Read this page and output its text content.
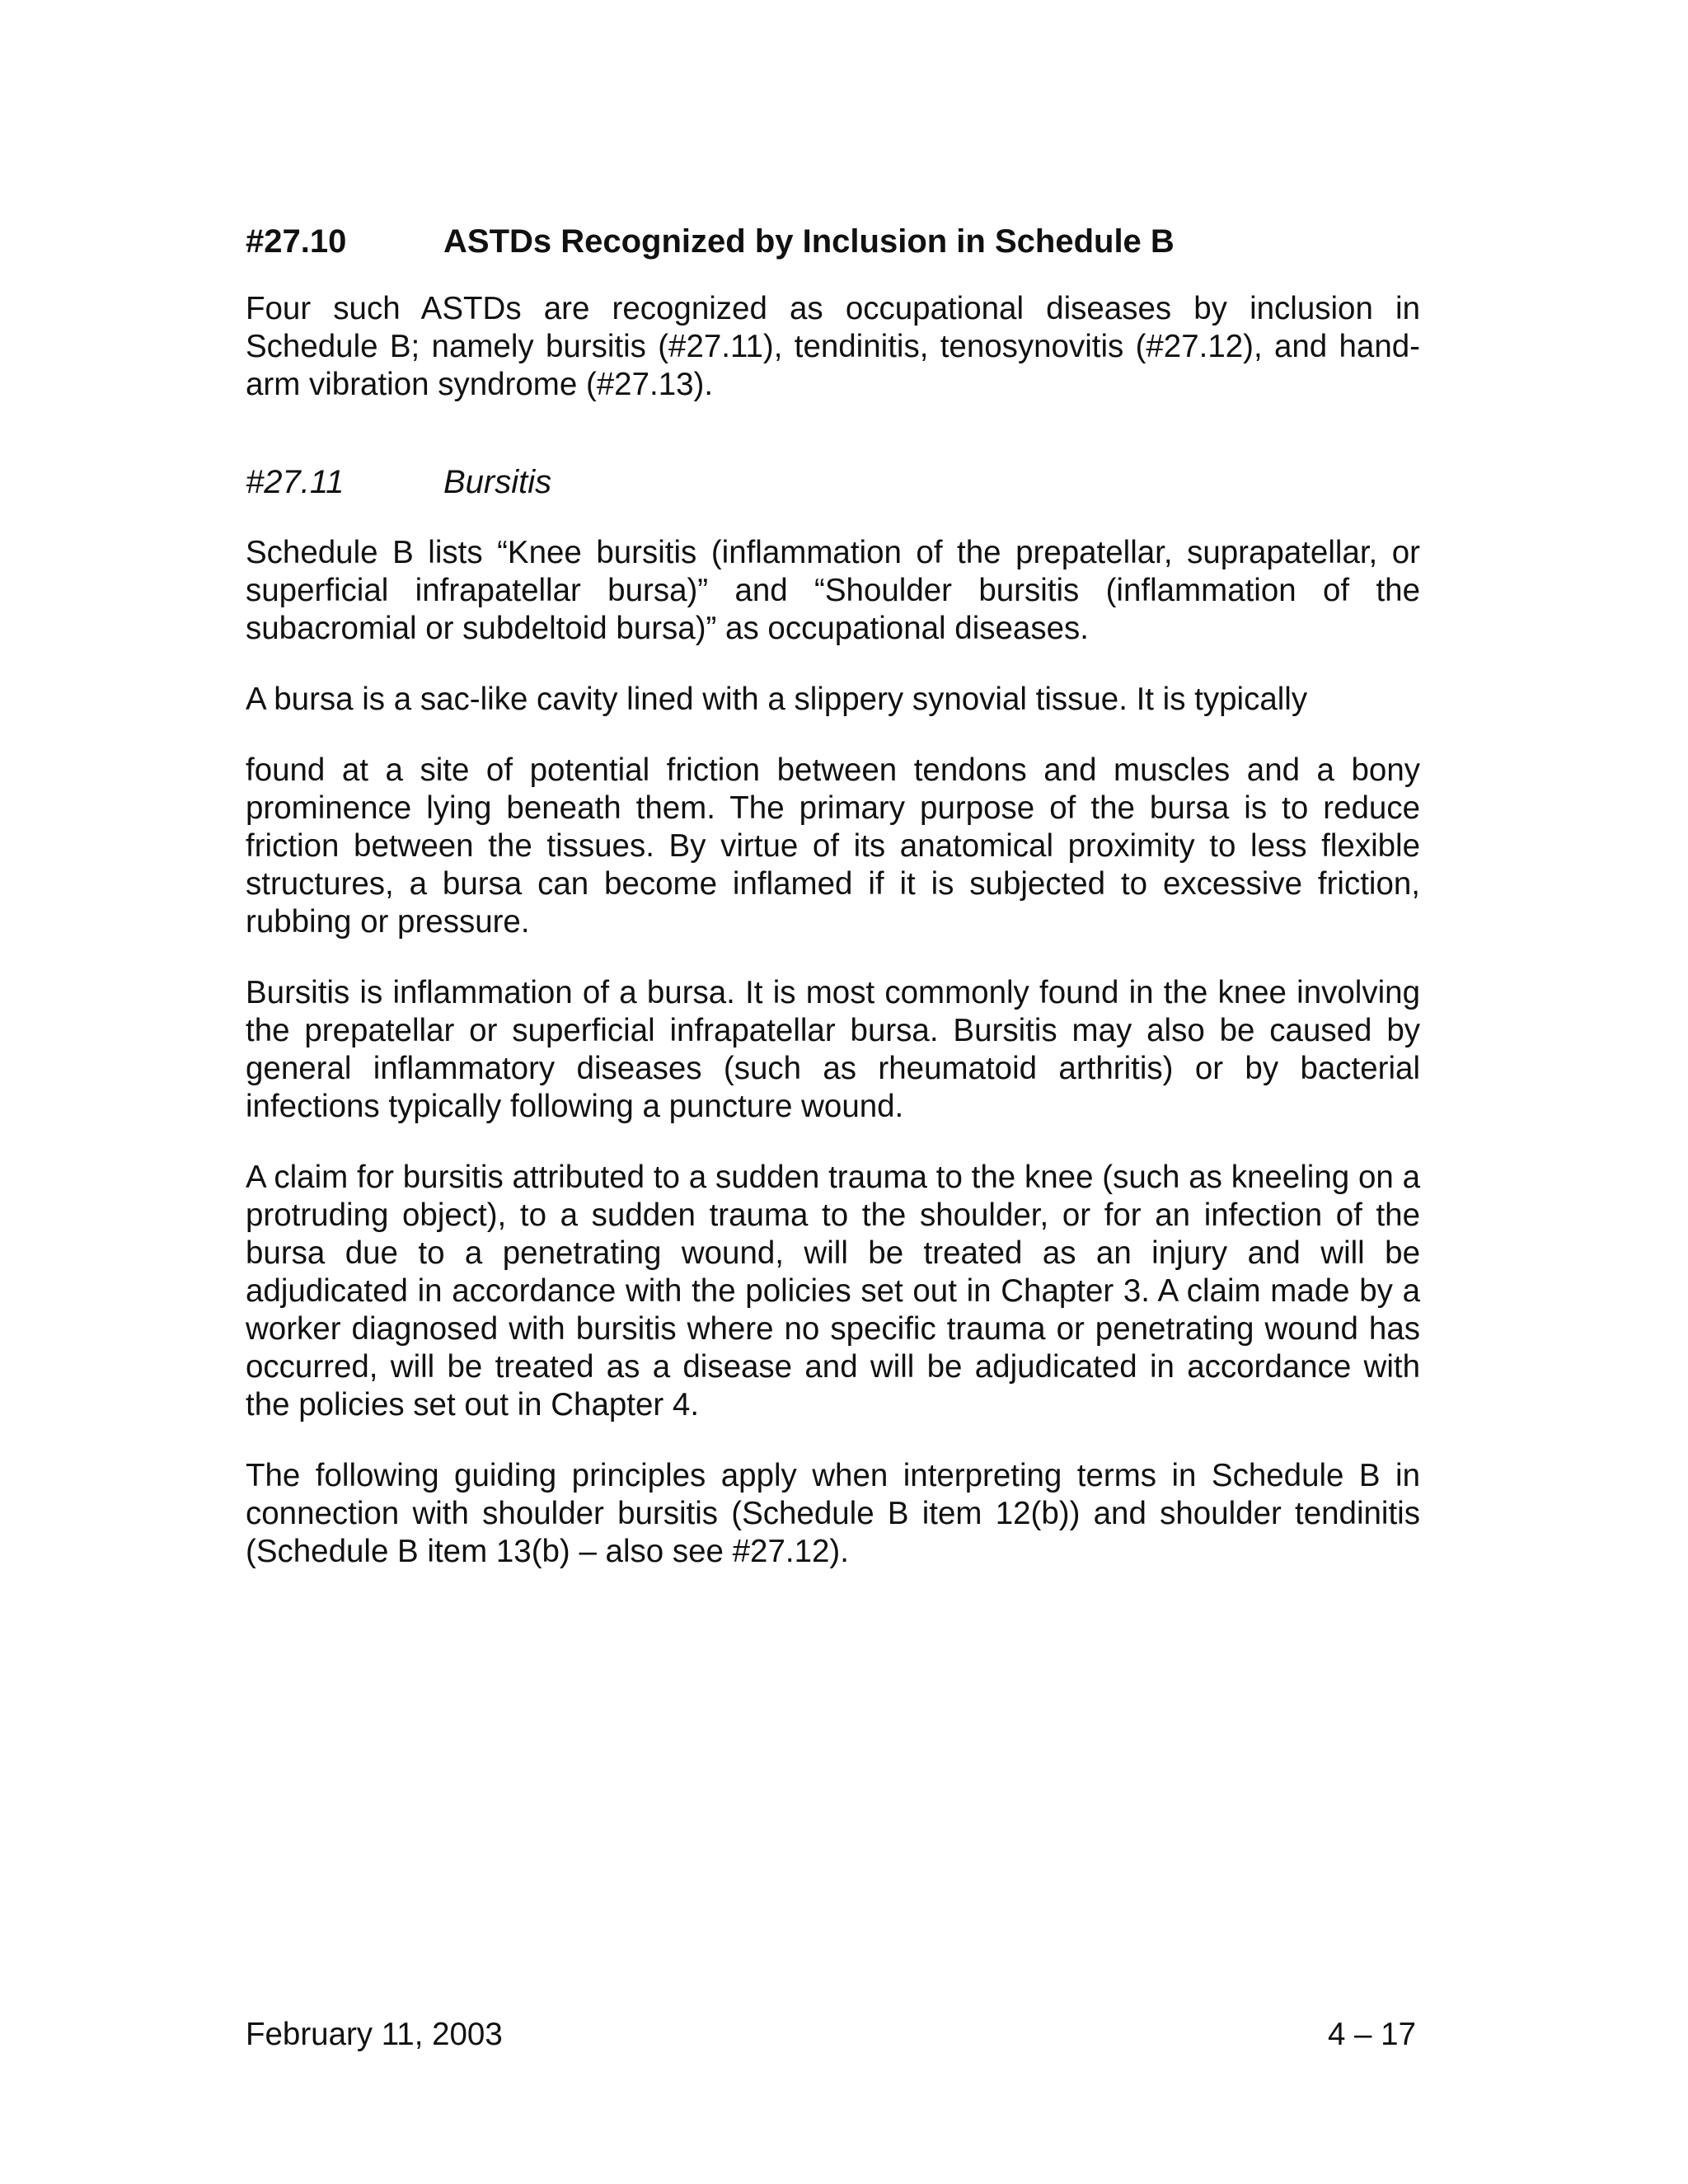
#27.10	ASTDs Recognized by Inclusion in Schedule B

Four such ASTDs are recognized as occupational diseases by inclusion in Schedule B; namely bursitis (#27.11), tendinitis, tenosynovitis (#27.12), and hand-arm vibration syndrome (#27.13).

#27.11	Bursitis

Schedule B lists “Knee bursitis (inflammation of the prepatellar, suprapatellar, or superficial infrapatellar bursa)” and “Shoulder bursitis (inflammation of the subacromial or subdeltoid bursa)” as occupational diseases.

A bursa is a sac-like cavity lined with a slippery synovial tissue. It is typically

found at a site of potential friction between tendons and muscles and a bony prominence lying beneath them. The primary purpose of the bursa is to reduce friction between the tissues. By virtue of its anatomical proximity to less flexible structures, a bursa can become inflamed if it is subjected to excessive friction, rubbing or pressure.

Bursitis is inflammation of a bursa. It is most commonly found in the knee involving the prepatellar or superficial infrapatellar bursa. Bursitis may also be caused by general inflammatory diseases (such as rheumatoid arthritis) or by bacterial infections typically following a puncture wound.

A claim for bursitis attributed to a sudden trauma to the knee (such as kneeling on a protruding object), to a sudden trauma to the shoulder, or for an infection of the bursa due to a penetrating wound, will be treated as an injury and will be adjudicated in accordance with the policies set out in Chapter 3. A claim made by a worker diagnosed with bursitis where no specific trauma or penetrating wound has occurred, will be treated as a disease and will be adjudicated in accordance with the policies set out in Chapter 4.

The following guiding principles apply when interpreting terms in Schedule B in connection with shoulder bursitis (Schedule B item 12(b)) and shoulder tendinitis (Schedule B item 13(b) – also see #27.12).

February 11, 2003	4 – 17
